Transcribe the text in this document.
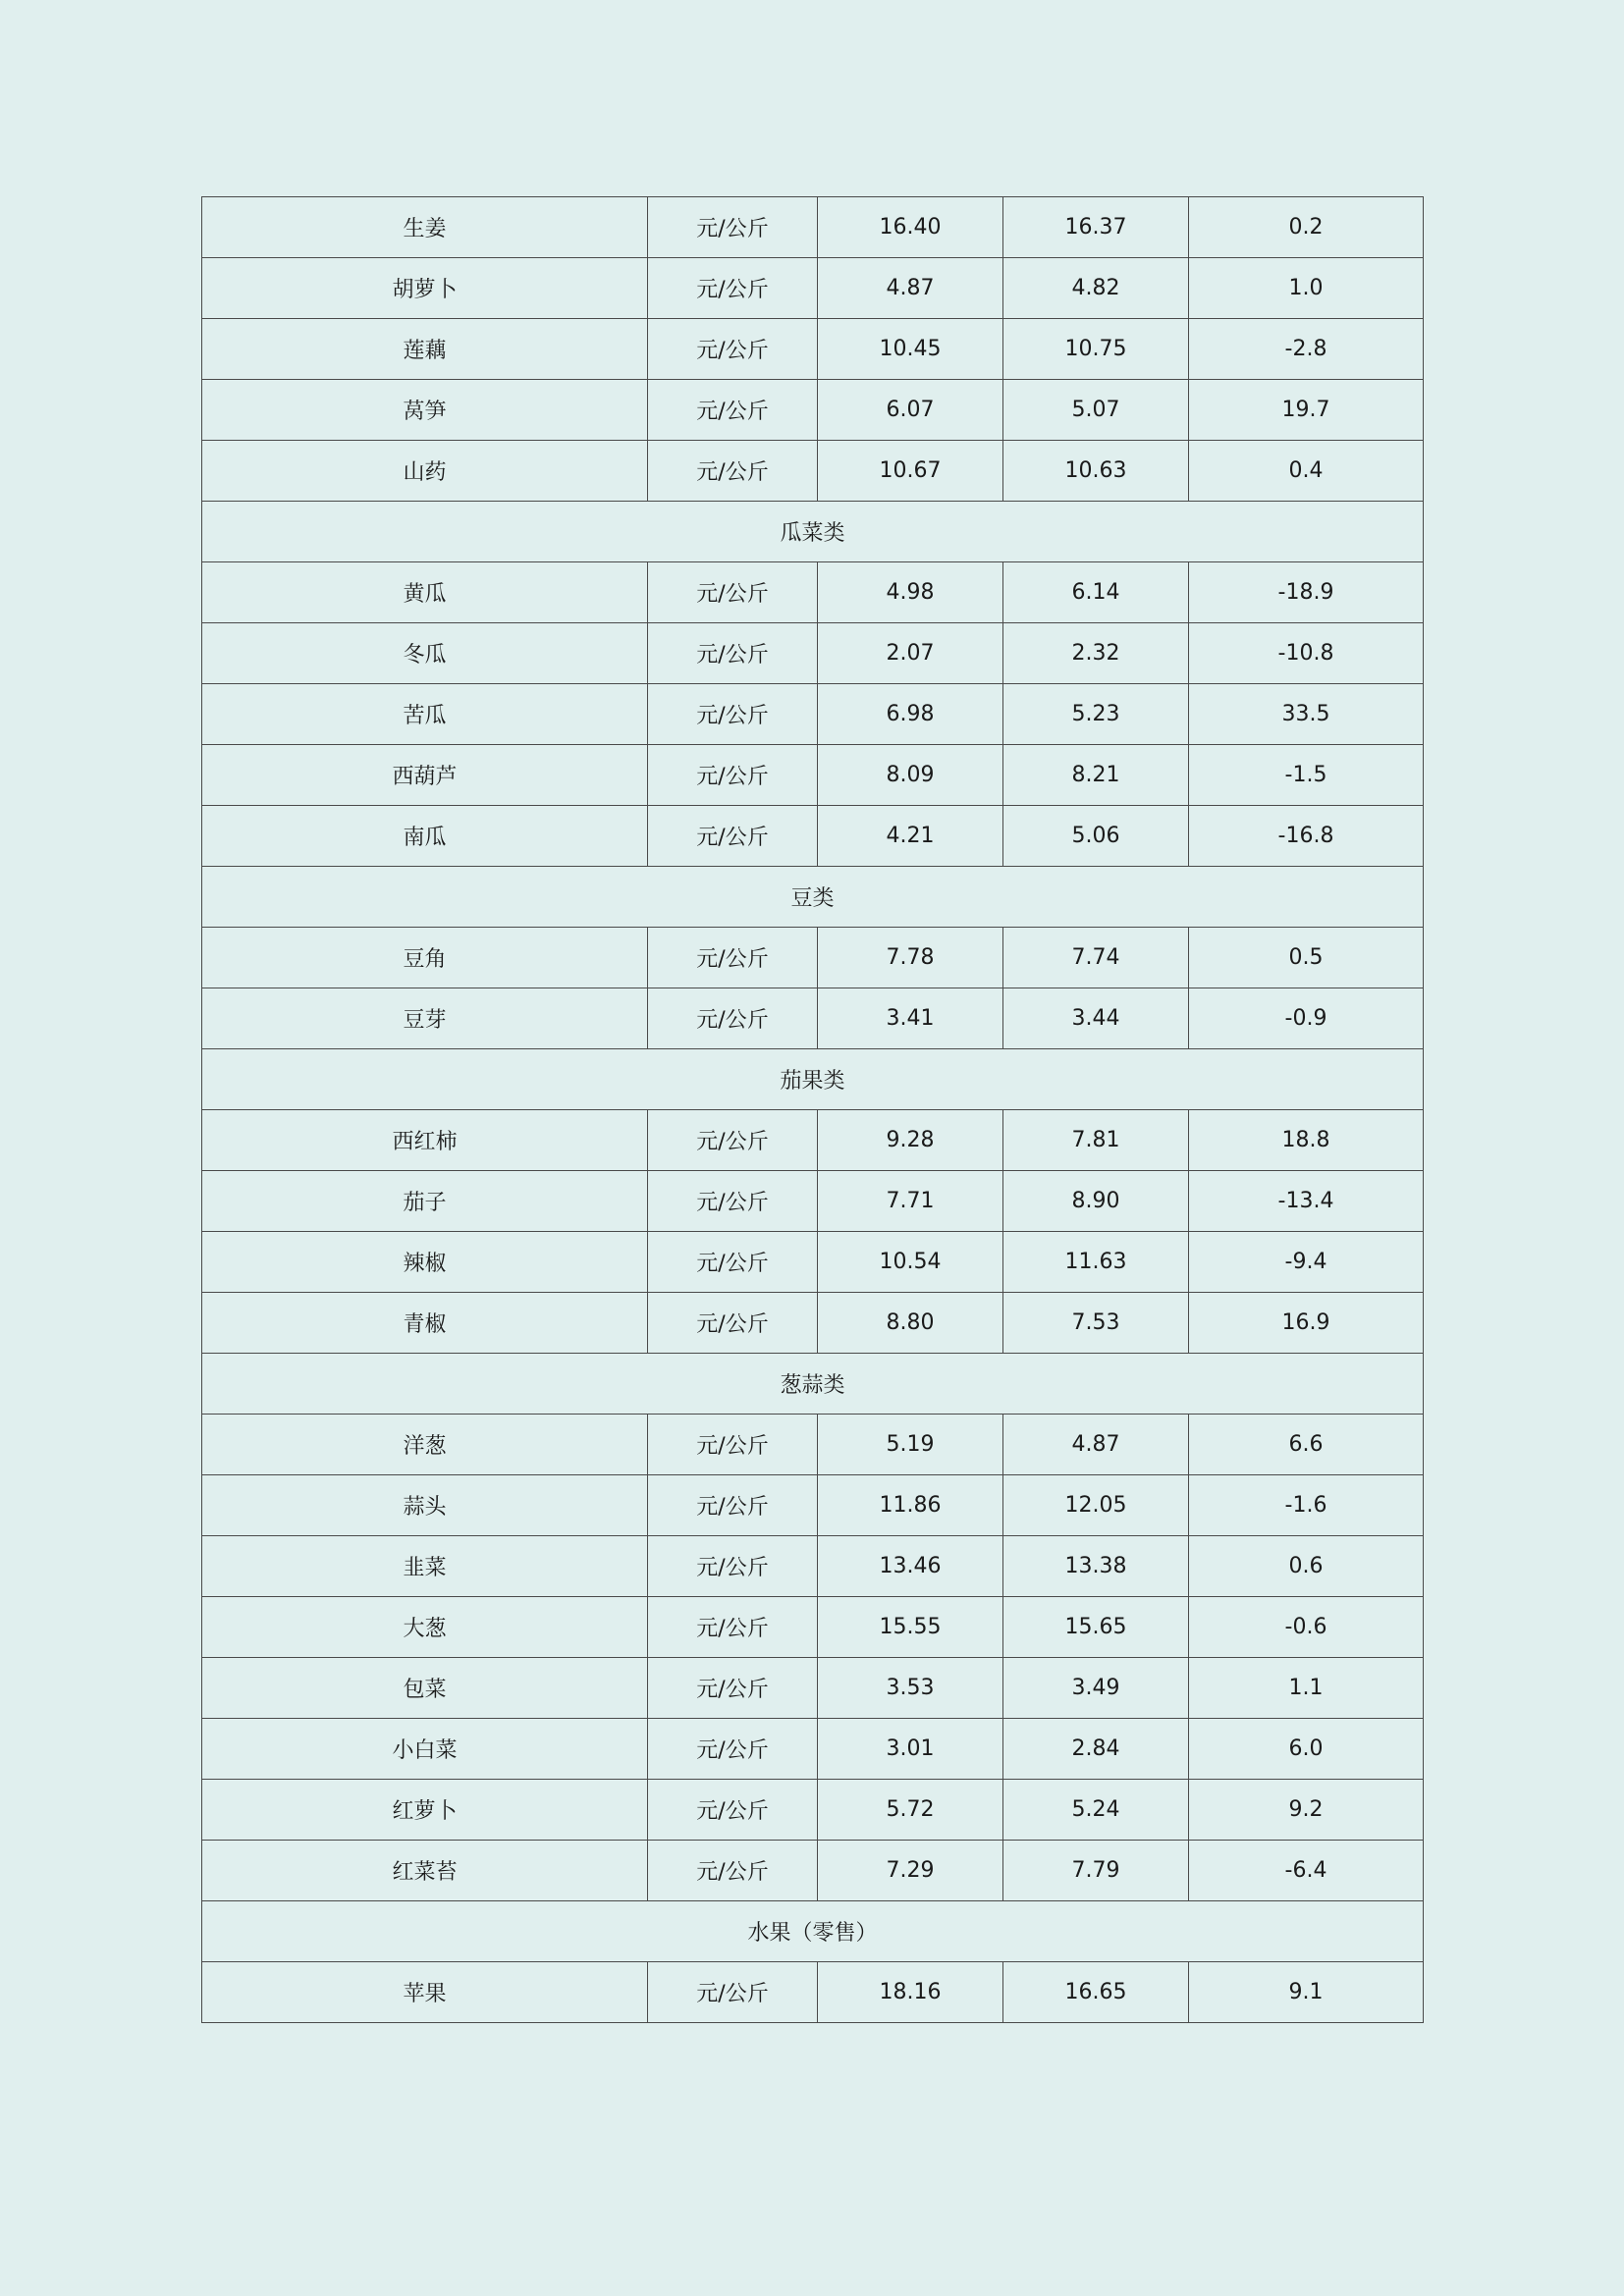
生姜	元/公斤	16.40	16.37	0.2
胡萝卜	元/公斤	4.87	4.82	1.0
莲藕	元/公斤	10.45	10.75	-2.8
莴笋	元/公斤	6.07	5.07	19.7
山药	元/公斤	10.67	10.63	0.4
瓜菜类				
黄瓜	元/公斤	4.98	6.14	-18.9
冬瓜	元/公斤	2.07	2.32	-10.8
苦瓜	元/公斤	6.98	5.23	33.5
西葫芦	元/公斤	8.09	8.21	-1.5
南瓜	元/公斤	4.21	5.06	-16.8
豆类				
豆角	元/公斤	7.78	7.74	0.5
豆芽	元/公斤	3.41	3.44	-0.9
茄果类				
西红柿	元/公斤	9.28	7.81	18.8
茄子	元/公斤	7.71	8.90	-13.4
辣椒	元/公斤	10.54	11.63	-9.4
青椒	元/公斤	8.80	7.53	16.9
葱蒜类				
洋葱	元/公斤	5.19	4.87	6.6
蒜头	元/公斤	11.86	12.05	-1.6
韭菜	元/公斤	13.46	13.38	0.6
大葱	元/公斤	15.55	15.65	-0.6
包菜	元/公斤	3.53	3.49	1.1
小白菜	元/公斤	3.01	2.84	6.0
红萝卜	元/公斤	5.72	5.24	9.2
红菜苔	元/公斤	7.29	7.79	-6.4
水果（零售）				
苹果	元/公斤	18.16	16.65	9.1
